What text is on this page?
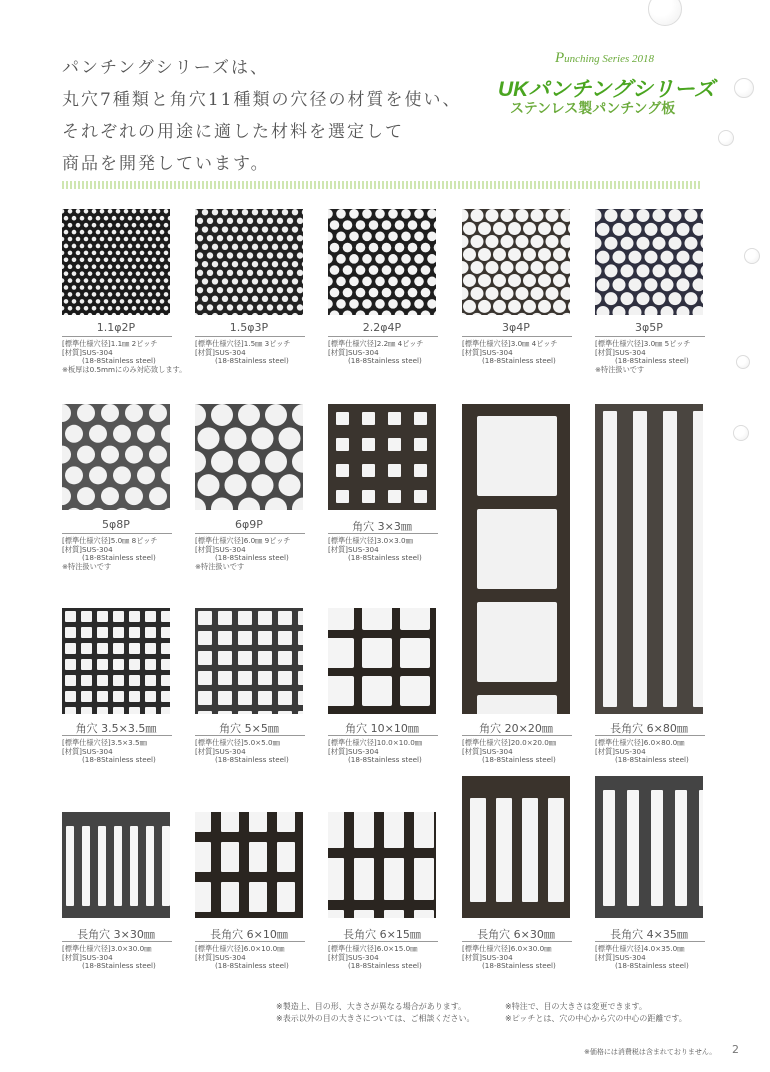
パンチングシリーズは、
丸穴7種類と角穴11種類の穴径の材質を使い、
それぞれの用途に適した材料を選定して
商品を開発しています。
Punching Series 2018
UKパンチングシリーズ
ステンレス製パンチング板
1.1φ2P
[標準仕様穴径]1.1㎜ 2ピッチ
[材質]SUS-304
(18-8Stainless steel)
※板厚は0.5mmにのみ対応致します。
1.5φ3P
[標準仕様穴径]1.5㎜ 3ピッチ
[材質]SUS-304
(18-8Stainless steel)
2.2φ4P
[標準仕様穴径]2.2㎜ 4ピッチ
[材質]SUS-304
(18-8Stainless steel)
3φ4P
[標準仕様穴径]3.0㎜ 4ピッチ
[材質]SUS-304
(18-8Stainless steel)
3φ5P
[標準仕様穴径]3.0㎜ 5ピッチ
[材質]SUS-304
(18-8Stainless steel)
※特注扱いです
5φ8P
[標準仕様穴径]5.0㎜ 8ピッチ
[材質]SUS-304
(18-8Stainless steel)
※特注扱いです
6φ9P
[標準仕様穴径]6.0㎜ 9ピッチ
[材質]SUS-304
(18-8Stainless steel)
※特注扱いです
角穴 3×3㎜
[標準仕様穴径]3.0×3.0㎜
[材質]SUS-304
(18-8Stainless steel)
角穴 20×20㎜
[標準仕様穴径]20.0×20.0㎜
[材質]SUS-304
(18-8Stainless steel)
長角穴 6×80㎜
[標準仕様穴径]6.0×80.0㎜
[材質]SUS-304
(18-8Stainless steel)
角穴 3.5×3.5㎜
[標準仕様穴径]3.5×3.5㎜
[材質]SUS-304
(18-8Stainless steel)
角穴 5×5㎜
[標準仕様穴径]5.0×5.0㎜
[材質]SUS-304
(18-8Stainless steel)
角穴 10×10㎜
[標準仕様穴径]10.0×10.0㎜
[材質]SUS-304
(18-8Stainless steel)
長角穴 3×30㎜
[標準仕様穴径]3.0×30.0㎜
[材質]SUS-304
(18-8Stainless steel)
長角穴 6×10㎜
[標準仕様穴径]6.0×10.0㎜
[材質]SUS-304
(18-8Stainless steel)
長角穴 6×15㎜
[標準仕様穴径]6.0×15.0㎜
[材質]SUS-304
(18-8Stainless steel)
長角穴 6×30㎜
[標準仕様穴径]6.0×30.0㎜
[材質]SUS-304
(18-8Stainless steel)
長角穴 4×35㎜
[標準仕様穴径]4.0×35.0㎜
[材質]SUS-304
(18-8Stainless steel)
※製造上、目の形、大きさが異なる場合があります。
※表示以外の目の大きさについては、ご相談ください。
※特注で、目の大きさは変更できます。
※ピッチとは、穴の中心から穴の中心の距離です。
※価格には消費税は含まれておりません。 2
